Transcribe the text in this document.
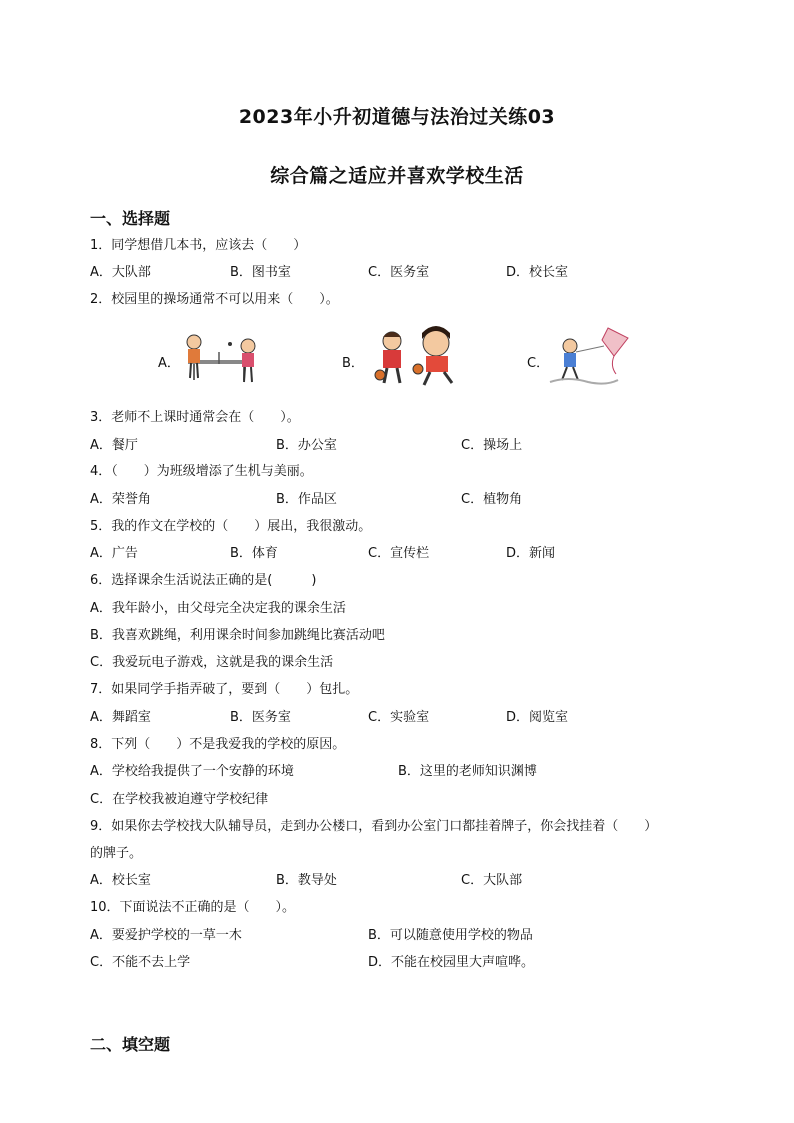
2023年小升初道德与法治过关练03
综合篇之适应并喜欢学校生活
一、选择题
1．同学想借几本书，应该去（　　）
A．大队部	B．图书室	C．医务室	D．校长室
2．校园里的操场通常不可以用来（　　）。
A．	B．	C．
3．老师不上课时通常会在（　　）。
A．餐厅	B．办公室	C．操场上
4．（　　）为班级增添了生机与美丽。
A．荣誉角	B．作品区	C．植物角
5．我的作文在学校的（　　）展出，我很激动。
A．广告	B．体育	C．宣传栏	D．新闻
6．选择课余生活说法正确的是(　　　)
A．我年龄小，由父母完全决定我的课余生活
B．我喜欢跳绳，利用课余时间参加跳绳比赛活动吧
C．我爱玩电子游戏，这就是我的课余生活
7．如果同学手指弄破了，要到（　　）包扎。
A．舞蹈室	B．医务室	C．实验室	D．阅览室
8．下列（　　）不是我爱我的学校的原因。
A．学校给我提供了一个安静的环境	B．这里的老师知识渊博
C．在学校我被迫遵守学校纪律
9．如果你去学校找大队辅导员，走到办公楼口，看到办公室门口都挂着牌子，你会找挂着（　　）
的牌子。
A．校长室	B．教导处	C．大队部
10．下面说法不正确的是（　　）。
A．要爱护学校的一草一木	B．可以随意使用学校的物品
C．不能不去上学	D．不能在校园里大声喧哗。
二、填空题
